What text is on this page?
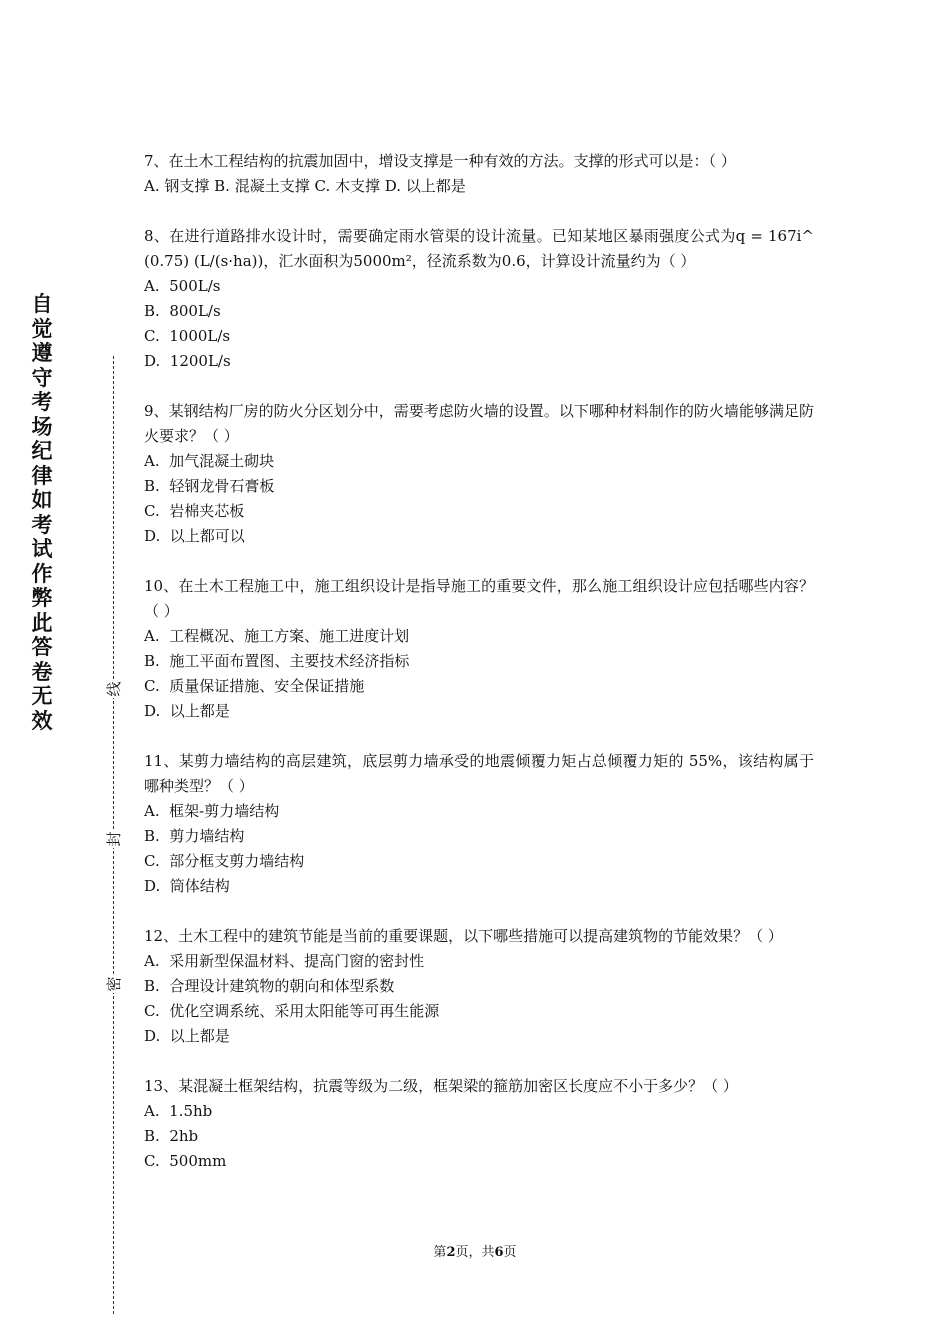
自觉遵守考场纪律如考试作弊此答卷无效
线
封
密

7、在土木工程结构的抗震加固中，增设支撑是一种有效的方法。支撑的形式可以是：（ ）

A. 钢支撑 B. 混凝土支撑 C. 木支撑 D. 以上都是

8、在进行道路排水设计时，需要确定雨水管渠的设计流量。已知某地区暴雨强度公式为q = 167i^(0.75) (L/(s·ha))，汇水面积为5000m²，径流系数为0.6，计算设计流量约为（ ）

A.  500L/s

B.  800L/s

C.  1000L/s

D.  1200L/s

9、某钢结构厂房的防火分区划分中，需要考虑防火墙的设置。以下哪种材料制作的防火墙能够满足防火要求？（ ）

A.  加气混凝土砌块

B.  轻钢龙骨石膏板

C.  岩棉夹芯板

D.  以上都可以

10、在土木工程施工中，施工组织设计是指导施工的重要文件，那么施工组织设计应包括哪些内容？（ ）

A.  工程概况、施工方案、施工进度计划

B.  施工平面布置图、主要技术经济指标

C.  质量保证措施、安全保证措施

D.  以上都是

11、某剪力墙结构的高层建筑，底层剪力墙承受的地震倾覆力矩占总倾覆力矩的 55%，该结构属于哪种类型？（ ）

A.  框架-剪力墙结构

B.  剪力墙结构

C.  部分框支剪力墙结构

D.  筒体结构

12、土木工程中的建筑节能是当前的重要课题，以下哪些措施可以提高建筑物的节能效果？（ ）

A.  采用新型保温材料、提高门窗的密封性

B.  合理设计建筑物的朝向和体型系数

C.  优化空调系统、采用太阳能等可再生能源

D.  以上都是

13、某混凝土框架结构，抗震等级为二级，框架梁的箍筋加密区长度应不小于多少？（ ）

A.  1.5hb

B.  2hb

C.  500mm

第2页，共6页
